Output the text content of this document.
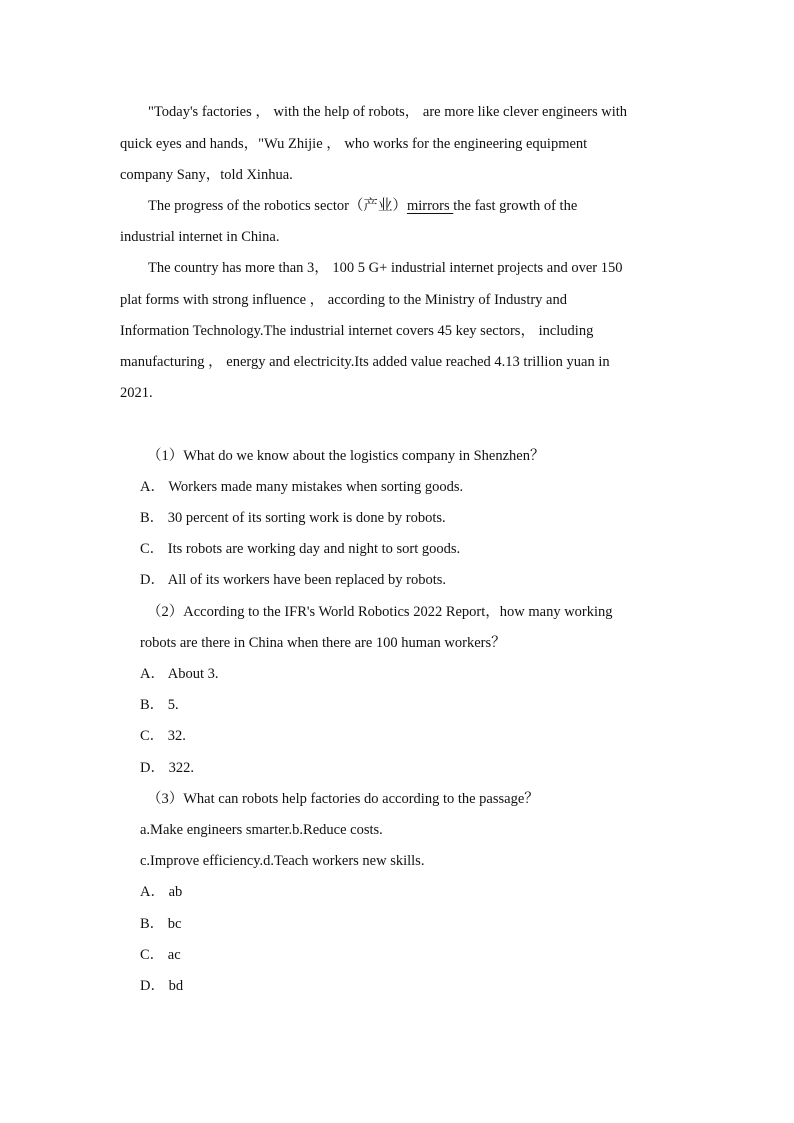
"Today's factories ， with the help of robots， are more like clever engineers with
quick eyes and hands，"Wu Zhijie ， who works for the engineering equipment
company Sany，told Xinhua.
The progress of the robotics sector（产业）mirrors the fast growth of the
industrial internet in China.
The country has more than 3， 100 5 G+ industrial internet projects and over 150
plat forms with strong influence ， according to the Ministry of Industry and
Information Technology.The industrial internet covers 45 key sectors， including
manufacturing ， energy and electricity.Its added value reached 4.13 trillion yuan in
2021.
（1）What do we know about the logistics company in Shenzhen？
A． Workers made many mistakes when sorting goods.
B． 30 percent of its sorting work is done by robots.
C． Its robots are working day and night to sort goods.
D． All of its workers have been replaced by robots.
（2）According to the IFR's World Robotics 2022 Report，how many working
robots are there in China when there are 100 human workers？
A． About 3.
B． 5.
C． 32.
D． 322.
（3）What can robots help factories do according to the passage？
a.Make engineers smarter.b.Reduce costs.
c.Improve efficiency.d.Teach workers new skills.
A． ab
B． bc
C． ac
D． bd
